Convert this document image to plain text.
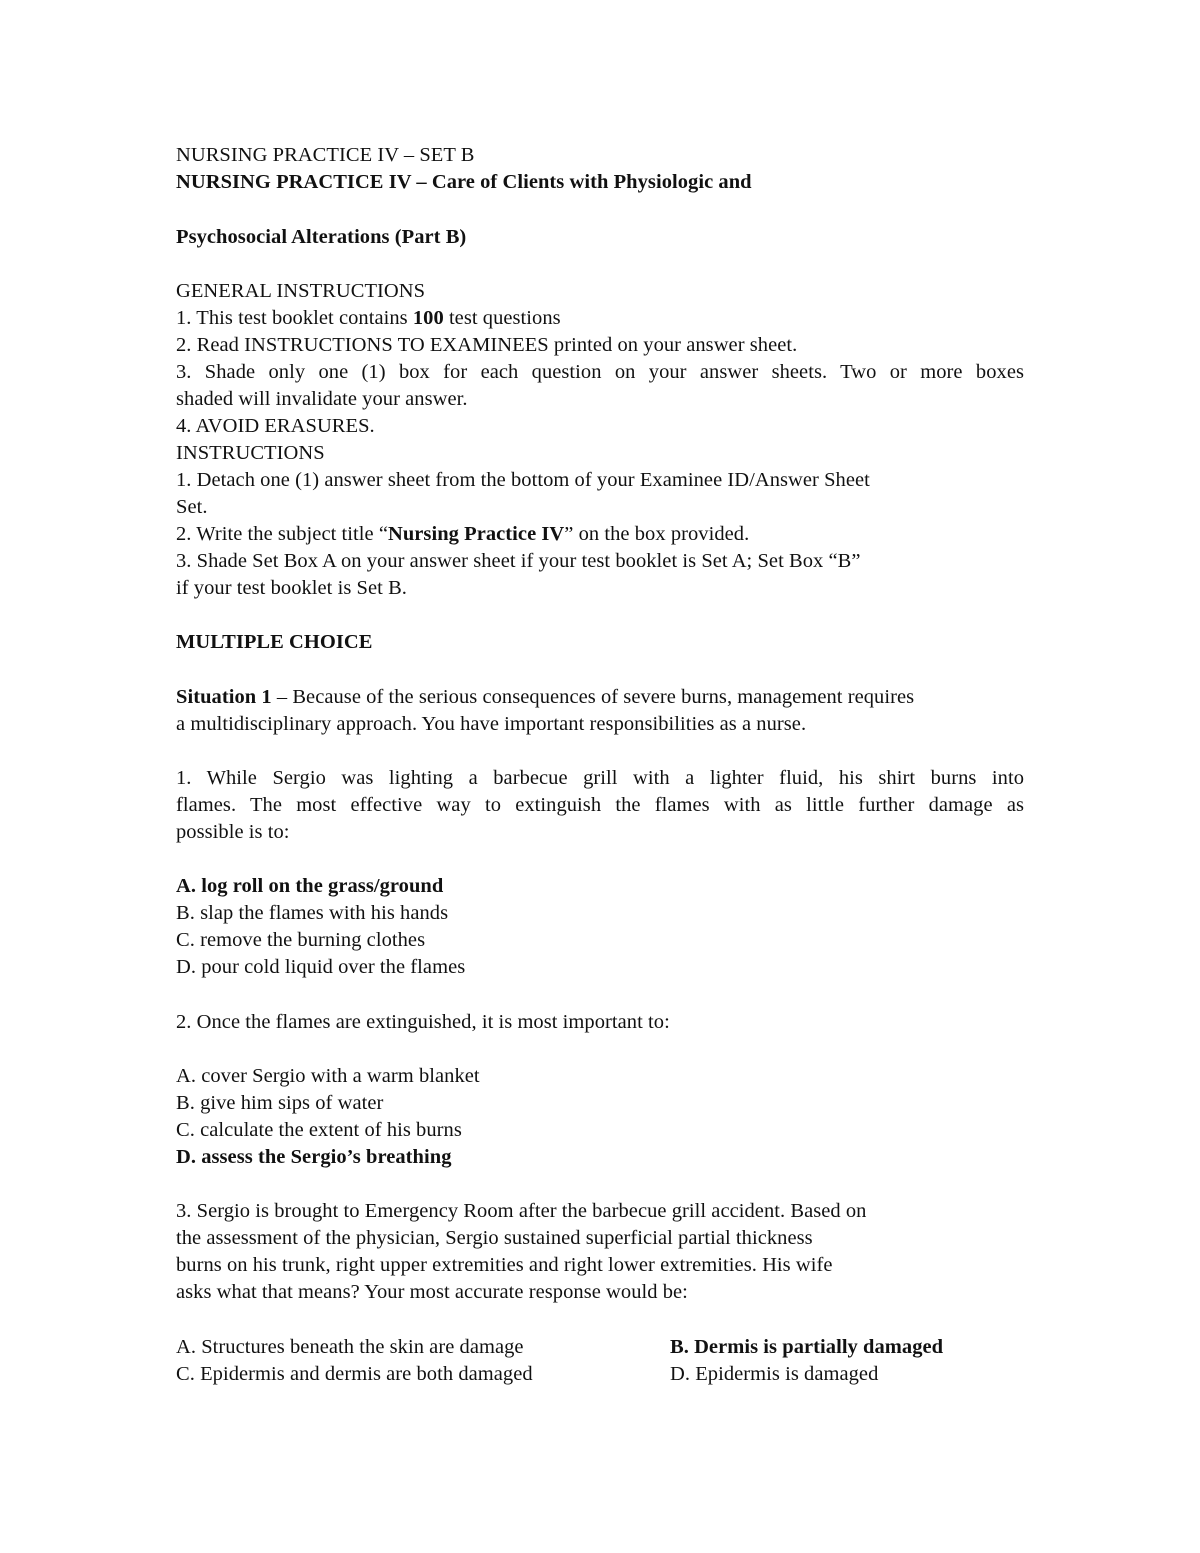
NURSING PRACTICE IV – SET B
NURSING PRACTICE IV – Care of Clients with Physiologic and
Psychosocial Alterations (Part B)
GENERAL INSTRUCTIONS
1. This test booklet contains 100 test questions
2. Read INSTRUCTIONS TO EXAMINEES printed on your answer sheet.
3. Shade only one (1) box for each question on your answer sheets. Two or more boxes
shaded will invalidate your answer.
4. AVOID ERASURES.
INSTRUCTIONS
1. Detach one (1) answer sheet from the bottom of your Examinee ID/Answer Sheet
Set.
2. Write the subject title “Nursing Practice IV” on the box provided.
3. Shade Set Box A on your answer sheet if your test booklet is Set A; Set Box “B”
if your test booklet is Set B.
MULTIPLE CHOICE
Situation 1 – Because of the serious consequences of severe burns, management requires
a multidisciplinary approach. You have important responsibilities as a nurse.
1. While Sergio was lighting a barbecue grill with a lighter fluid, his shirt burns into
flames. The most effective way to extinguish the flames with as little further damage as
possible is to:
A. log roll on the grass/ground
B. slap the flames with his hands
C. remove the burning clothes
D. pour cold liquid over the flames
2. Once the flames are extinguished, it is most important to:
A. cover Sergio with a warm blanket
B. give him sips of water
C. calculate the extent of his burns
D. assess the Sergio’s breathing
3. Sergio is brought to Emergency Room after the barbecue grill accident. Based on
the assessment of the physician, Sergio sustained superficial partial thickness
burns on his trunk, right upper extremities and right lower extremities. His wife
asks what that means? Your most accurate response would be:
A. Structures beneath the skin are damage	B. Dermis is partially damaged
C. Epidermis and dermis are both damaged	D. Epidermis is damaged
